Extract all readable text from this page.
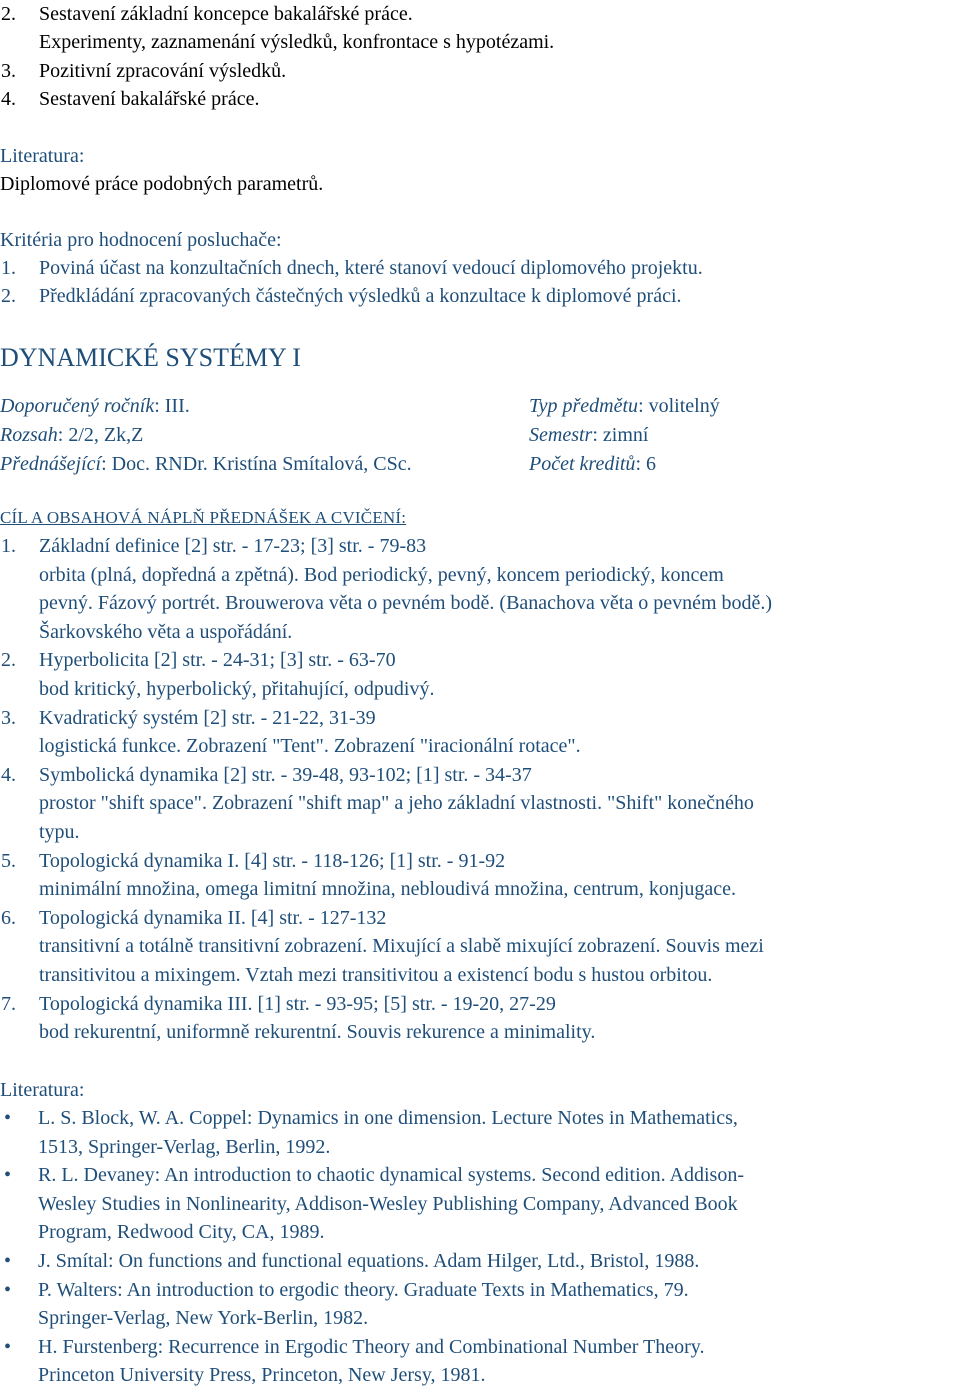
2. Sestavení základní koncepce bakalářské práce.
Experimenty, zaznamenání výsledků, konfrontace s hypotézami.
3. Pozitivní zpracování výsledků.
4. Sestavení bakalářské práce.
Literatura:
Diplomové práce podobných parametrů.
Kritéria pro hodnocení posluchače:
1. Poviná účast na konzultačních dnech, které stanoví vedoucí diplomového projektu.
2. Předkládání zpracovaných částečných výsledků a konzultace k diplomové práci.
DYNAMICKÉ SYSTÉMY I
Doporučený ročník: III.	Typ předmětu: volitelný
Rozsah: 2/2, Zk,Z	Semestr: zimní
Přednášející: Doc. RNDr. Kristína Smítalová, CSc.	Počet kreditů: 6
CÍL A OBSAHOVÁ NÁPLŇ PŘEDNÁŠEK A CVIČENÍ:
1. Základní definice [2] str. - 17-23; [3] str. - 79-83
orbita (plná, dopředná a zpětná). Bod periodický, pevný, koncem periodický, koncem
pevný. Fázový portrét. Brouwerova věta o pevném bodě. (Banachova věta o pevném bodě.)
Šarkovského věta a uspořádání.
2. Hyperbolicita [2] str. - 24-31; [3] str. - 63-70
bod kritický, hyperbolický, přitahující, odpudivý.
3. Kvadratický systém [2] str. - 21-22, 31-39
logistická funkce. Zobrazení "Tent". Zobrazení "iracionální rotace".
4. Symbolická dynamika [2] str. - 39-48, 93-102; [1] str. - 34-37
prostor "shift space". Zobrazení "shift map" a jeho základní vlastnosti. "Shift" konečného
typu.
5. Topologická dynamika I. [4] str. - 118-126; [1] str. - 91-92
minimální množina, omega limitní množina, nebloudivá množina, centrum, konjugace.
6. Topologická dynamika II. [4] str. - 127-132
transitivní a totálně transitivní zobrazení. Mixující a slabě mixující zobrazení. Souvis mezi
transitivitou a mixingem. Vztah mezi transitivitou a existencí bodu s hustou orbitou.
7. Topologická dynamika III. [1] str. - 93-95; [5] str. - 19-20, 27-29
bod rekurentní, uniformně rekurentní. Souvis rekurence a minimality.
Literatura:
• L. S. Block, W. A. Coppel: Dynamics in one dimension. Lecture Notes in Mathematics,
1513, Springer-Verlag, Berlin, 1992.
• R. L. Devaney: An introduction to chaotic dynamical systems. Second edition. Addison-
Wesley Studies in Nonlinearity, Addison-Wesley Publishing Company, Advanced Book
Program, Redwood City, CA, 1989.
• J. Smítal: On functions and functional equations. Adam Hilger, Ltd., Bristol, 1988.
• P. Walters: An introduction to ergodic theory. Graduate Texts in Mathematics, 79.
Springer-Verlag, New York-Berlin, 1982.
• H. Furstenberg: Recurrence in Ergodic Theory and Combinational Number Theory.
Princeton University Press, Princeton, New Jersy, 1981.
